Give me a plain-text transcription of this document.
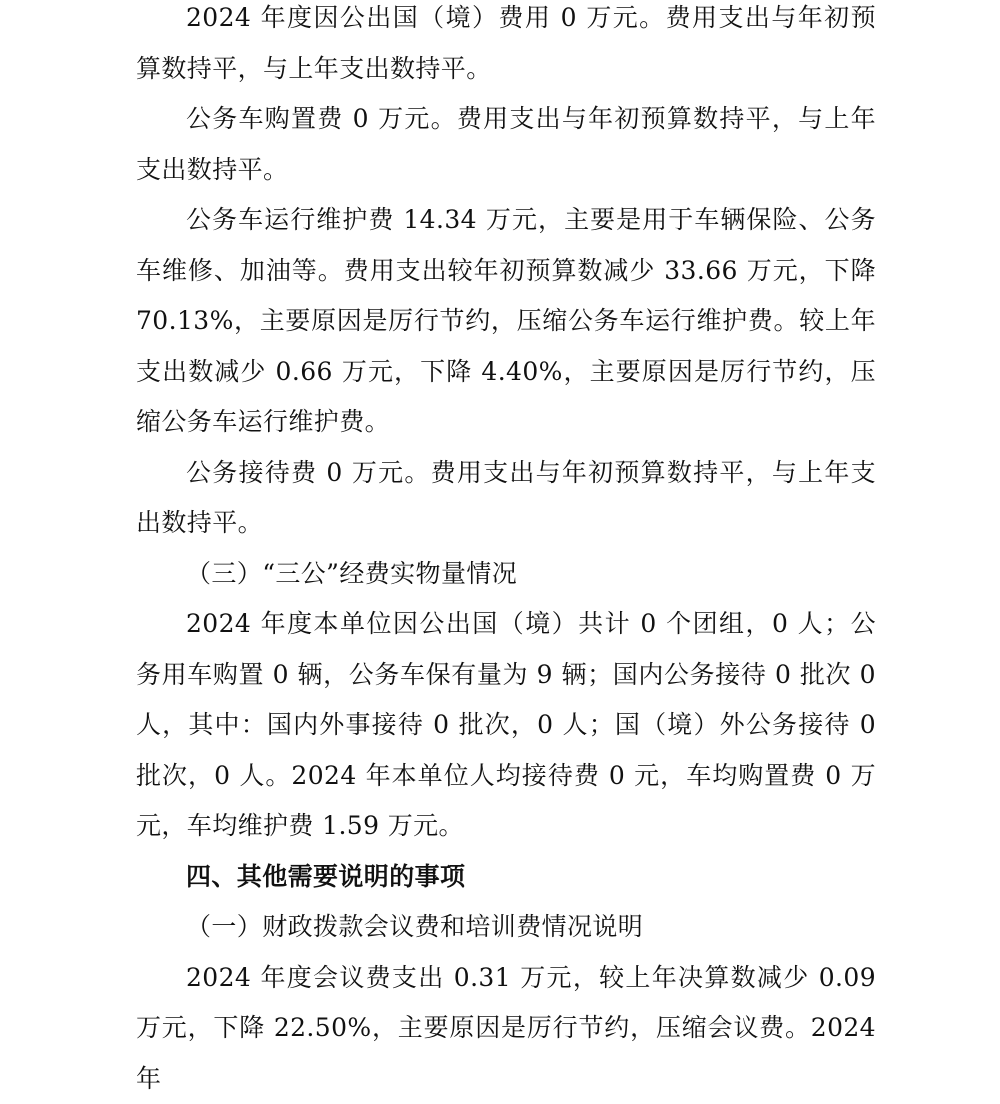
2024 年度因公出国（境）费用 0 万元。费用支出与年初预算数持平，与上年支出数持平。

公务车购置费 0 万元。费用支出与年初预算数持平，与上年支出数持平。

公务车运行维护费 14.34 万元，主要是用于车辆保险、公务车维修、加油等。费用支出较年初预算数减少 33.66 万元，下降 70.13%，主要原因是厉行节约，压缩公务车运行维护费。较上年支出数减少 0.66 万元，下降 4.40%，主要原因是厉行节约，压缩公务车运行维护费。

公务接待费 0 万元。费用支出与年初预算数持平，与上年支出数持平。

（三）“三公”经费实物量情况

2024 年度本单位因公出国（境）共计 0 个团组，0 人；公务用车购置 0 辆，公务车保有量为 9 辆；国内公务接待 0 批次 0 人，其中：国内外事接待 0 批次，0 人；国（境）外公务接待 0 批次，0 人。2024 年本单位人均接待费 0 元，车均购置费 0 万元，车均维护费 1.59 万元。

四、其他需要说明的事项

（一）财政拨款会议费和培训费情况说明

2024 年度会议费支出 0.31 万元，较上年决算数减少 0.09 万元，下降 22.50%，主要原因是厉行节约，压缩会议费。2024 年
